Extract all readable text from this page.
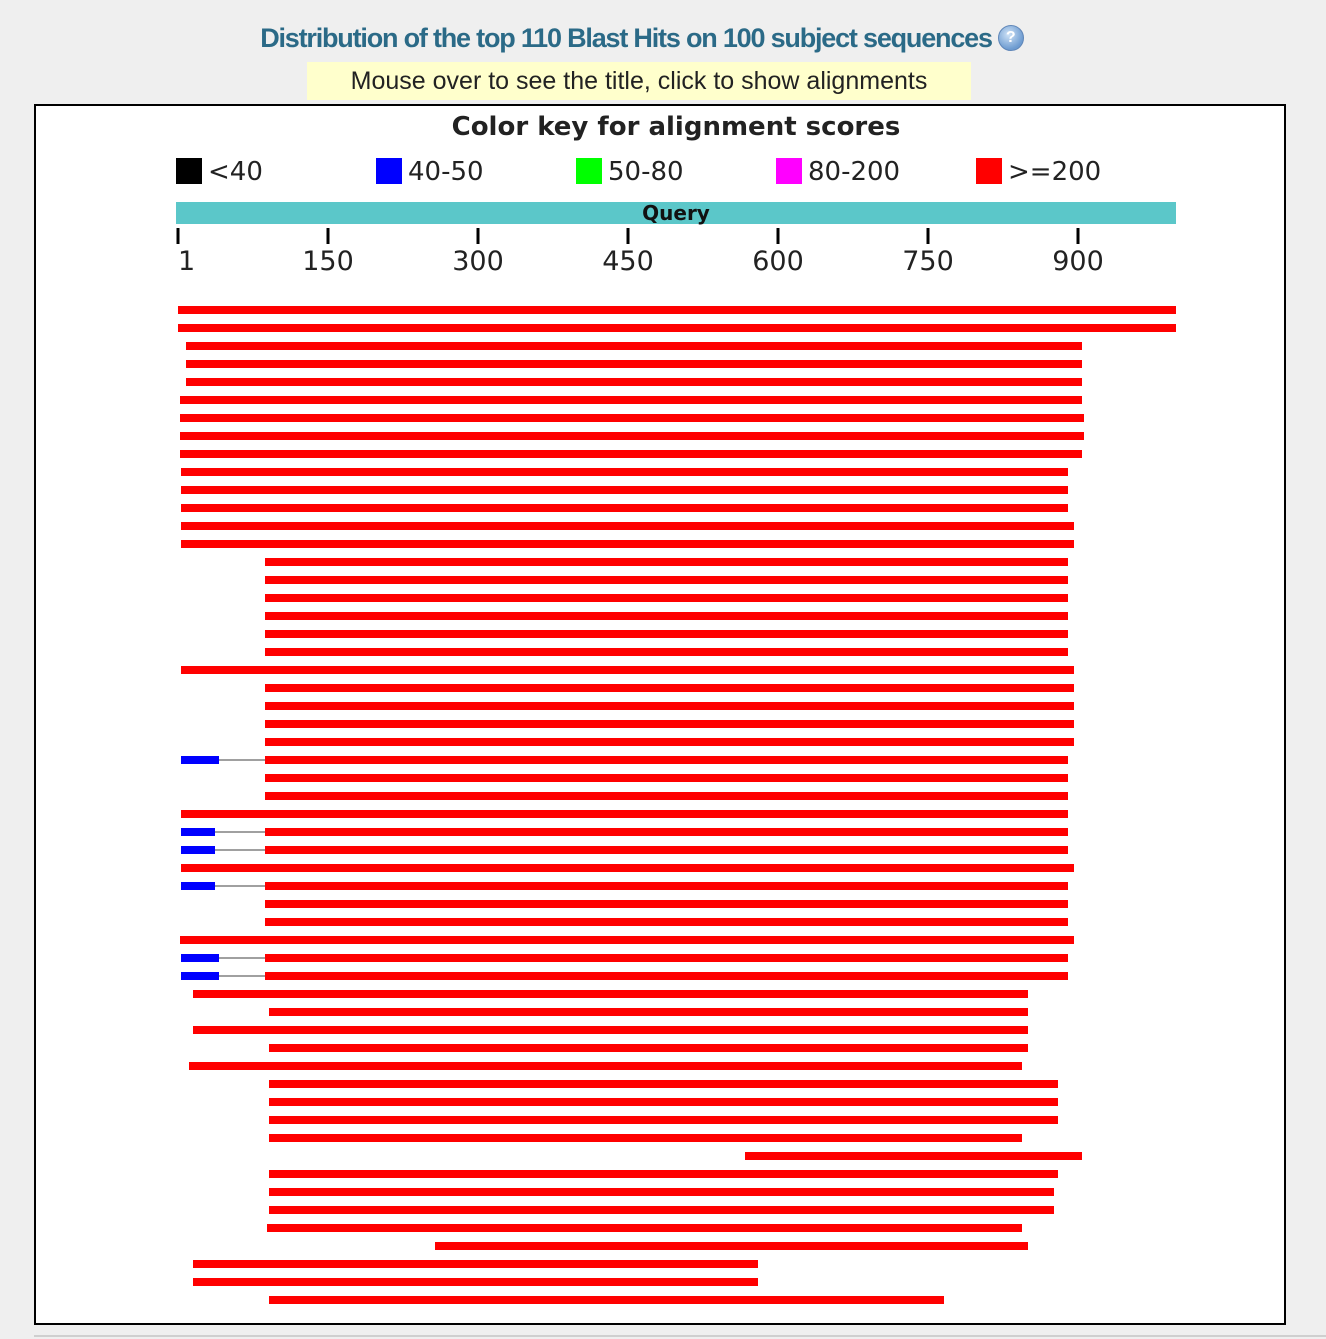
Distribution of the top 110 Blast Hits on 100 subject sequences ?
Mouse over to see the title, click to show alignments
Color key for alignment scores
<40	40-50	50-80	80-200	>=200
Query
1	150	300	450	600	750	900
